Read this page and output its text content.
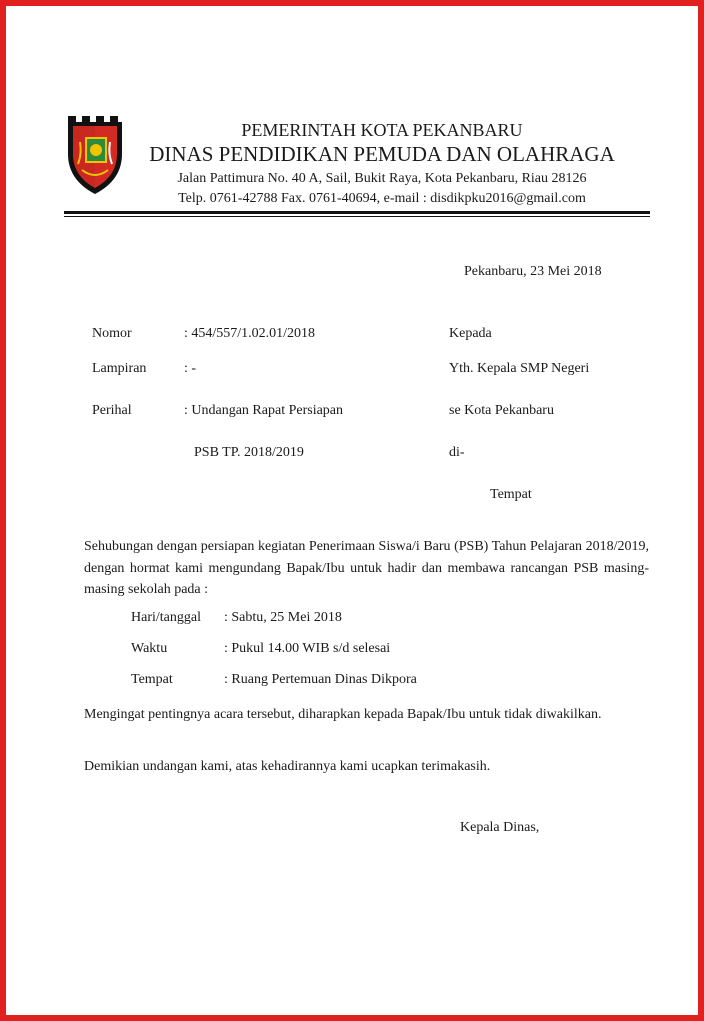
PEMERINTAH KOTA PEKANBARU
DINAS PENDIDIKAN PEMUDA DAN OLAHRAGA
Jalan Pattimura No. 40 A, Sail, Bukit Raya, Kota Pekanbaru, Riau 28126
Telp. 0761-42788 Fax. 0761-40694, e-mail : disdikpku2016@gmail.com
Pekanbaru, 23 Mei 2018
Nomor	: 454/557/1.02.01/2018
Lampiran	: -
Perihal	: Undangan Rapat Persiapan
PSB TP. 2018/2019
Kepada
Yth. Kepala SMP Negeri
se Kota Pekanbaru
di-
Tempat
Sehubungan dengan persiapan kegiatan Penerimaan Siswa/i Baru (PSB) Tahun Pelajaran 2018/2019, dengan hormat kami mengundang Bapak/Ibu untuk hadir dan membawa rancangan PSB masing-masing sekolah pada :
Hari/tanggal : Sabtu, 25 Mei 2018
Waktu	: Pukul 14.00 WIB s/d selesai
Tempat	: Ruang Pertemuan Dinas Dikpora
Mengingat pentingnya acara tersebut, diharapkan kepada Bapak/Ibu untuk tidak diwakilkan.
Demikian undangan kami, atas kehadirannya kami ucapkan terimakasih.
Kepala Dinas,
